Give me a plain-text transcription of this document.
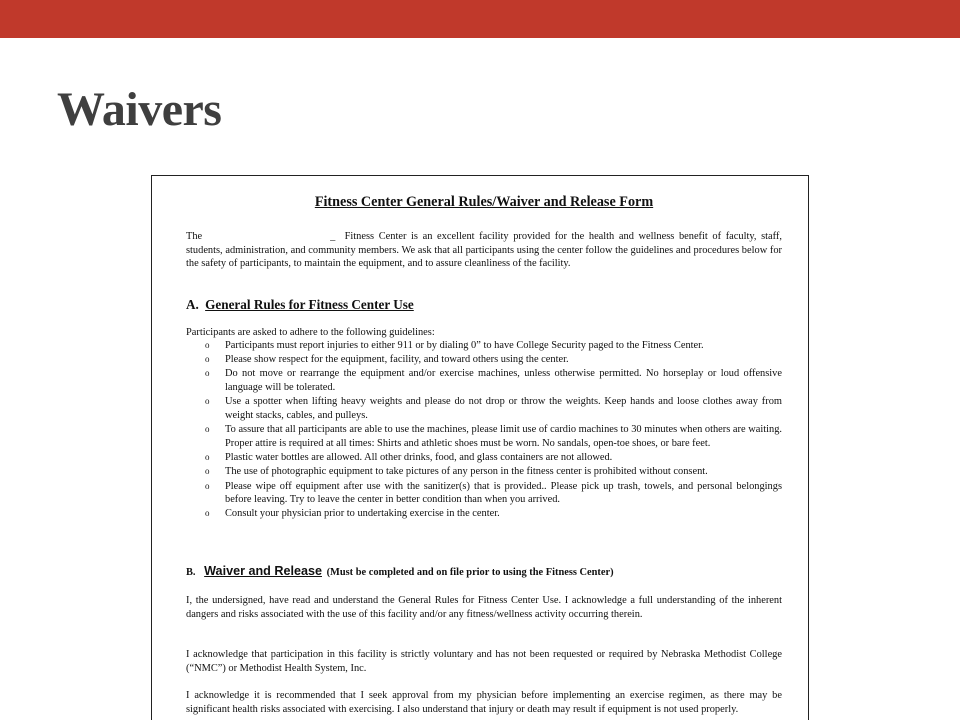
Waivers
Fitness Center General Rules/Waiver and Release Form
The	_ Fitness Center is an excellent facility provided for the health and wellness benefit of faculty, staff, students, administration, and community members. We ask that all participants using the center follow the guidelines and procedures below for the safety of participants, to maintain the equipment, and to assure cleanliness of the facility.
A. General Rules for Fitness Center Use
Participants are asked to adhere to the following guidelines:
o Participants must report injuries to either 911 or by dialing 0” to have College Security paged to the Fitness Center.
o Please show respect for the equipment, facility, and toward others using the center.
o Do not move or rearrange the equipment and/or exercise machines, unless otherwise permitted. No horseplay or loud offensive language will be tolerated.
o Use a spotter when lifting heavy weights and please do not drop or throw the weights. Keep hands and loose clothes away from weight stacks, cables, and pulleys.
o To assure that all participants are able to use the machines, please limit use of cardio machines to 30 minutes when others are waiting. Proper attire is required at all times: Shirts and athletic shoes must be worn. No sandals, open-toe shoes, or bare feet.
o Plastic water bottles are allowed. All other drinks, food, and glass containers are not allowed.
o The use of photographic equipment to take pictures of any person in the fitness center is prohibited without consent.
o Please wipe off equipment after use with the sanitizer(s) that is provided.. Please pick up trash, towels, and personal belongings before leaving. Try to leave the center in better condition than when you arrived.
o Consult your physician prior to undertaking exercise in the center.
B. Waiver and Release (Must be completed and on file prior to using the Fitness Center)
I, the undersigned, have read and understand the General Rules for Fitness Center Use. I acknowledge a full understanding of the inherent dangers and risks associated with the use of this facility and/or any fitness/wellness activity occurring therein.
I acknowledge that participation in this facility is strictly voluntary and has not been requested or required by Nebraska Methodist College (“NMC”) or Methodist Health System, Inc.
I acknowledge it is recommended that I seek approval from my physician before implementing an exercise regimen, as there may be significant health risks associated with exercising. I also understand that injury or death may result if equipment is not used properly.
